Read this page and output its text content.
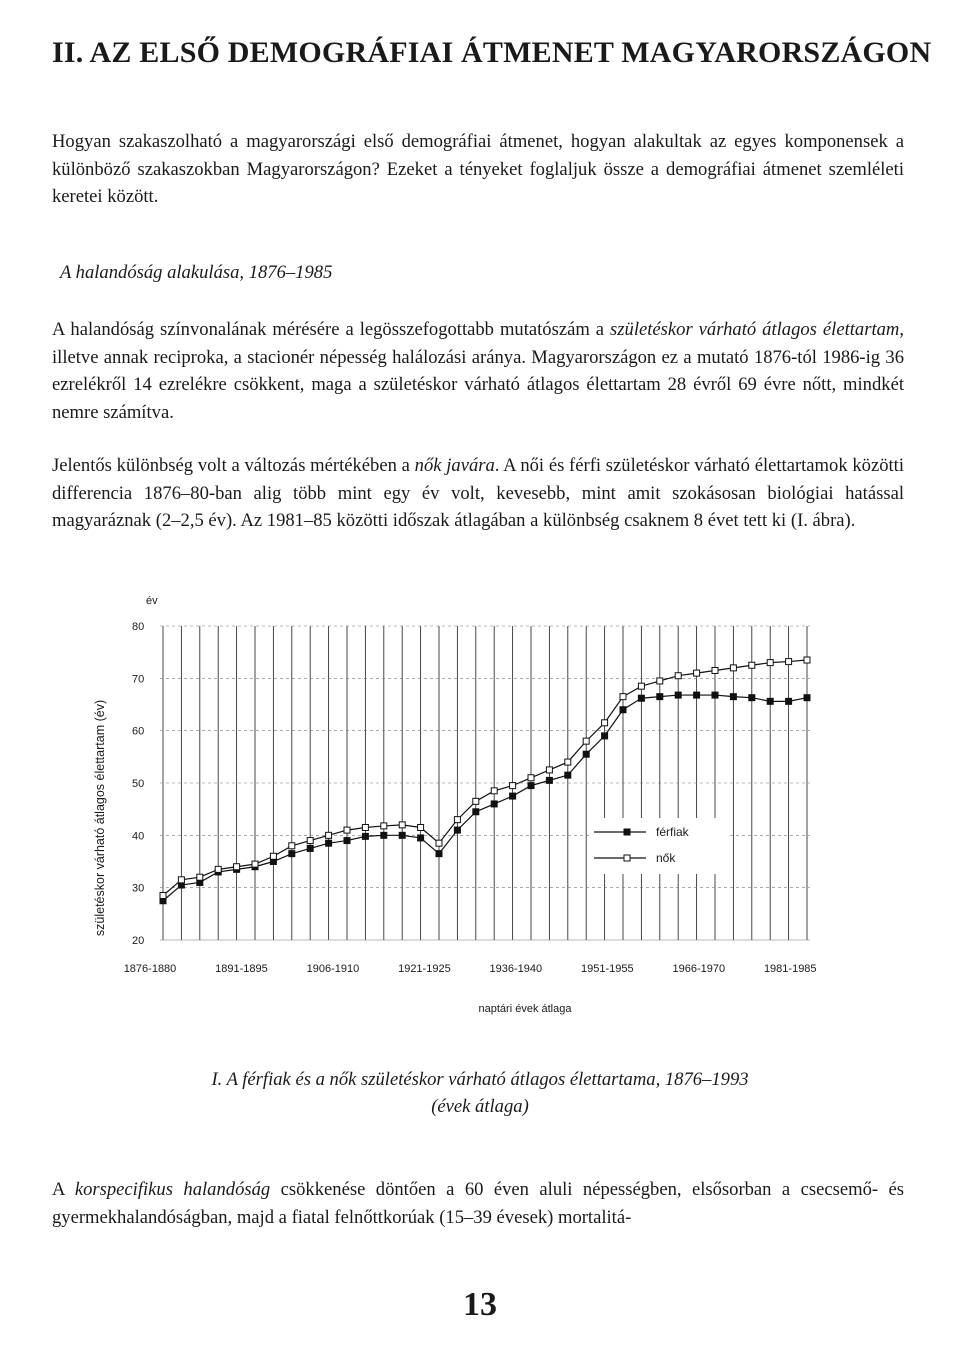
II. AZ ELSŐ DEMOGRÁFIAI ÁTMENET MAGYARORSZÁGON

Hogyan szakaszolható a magyarországi első demográfiai átmenet, hogyan alakultak az egyes komponensek a különböző szakaszokban Magyarországon? Ezeket a tényeket foglaljuk össze a demográfiai átmenet szemléleti keretei között.

A halandóság alakulása, 1876–1985

A halandóság színvonalának mérésére a legösszefogottabb mutatószám a születéskor várható átlagos élettartam, illetve annak reciproka, a stacionér népesség halálozási aránya. Magyarországon ez a mutató 1876-tól 1986-ig 36 ezrelékről 14 ezrelékre csökkent, maga a születéskor várható átlagos élettartam 28 évről 69 évre nőtt, mindkét nemre számítva.

Jelentős különbség volt a változás mértékében a nők javára. A női és férfi születéskor várható élettartamok közötti differencia 1876–80-ban alig több mint egy év volt, kevesebb, mint amit szokásosan biológiai hatással magyaráznak (2–2,5 év). Az 1981–85 közötti időszak átlagában a különbség csaknem 8 évet tett ki (I. ábra).

születéskor várható átlagos élettartam (év)
80
70
60
50
40
30
20
év
1876-1880	1891-1895	1906-1910	1921-1925	1936-1940	1951-1955	1966-1970	1981-1985
naptári évek átlaga
férfiak
nők

I. A férfiak és a nők születéskor várható átlagos élettartama, 1876–1993
(évek átlaga)

A korspecifikus halandóság csökkenése döntően a 60 éven aluli népességben, elsősorban a csecsemő- és gyermekhalandóságban, majd a fiatal felnőttkorúak (15–39 évesek) mortalitá-

13
